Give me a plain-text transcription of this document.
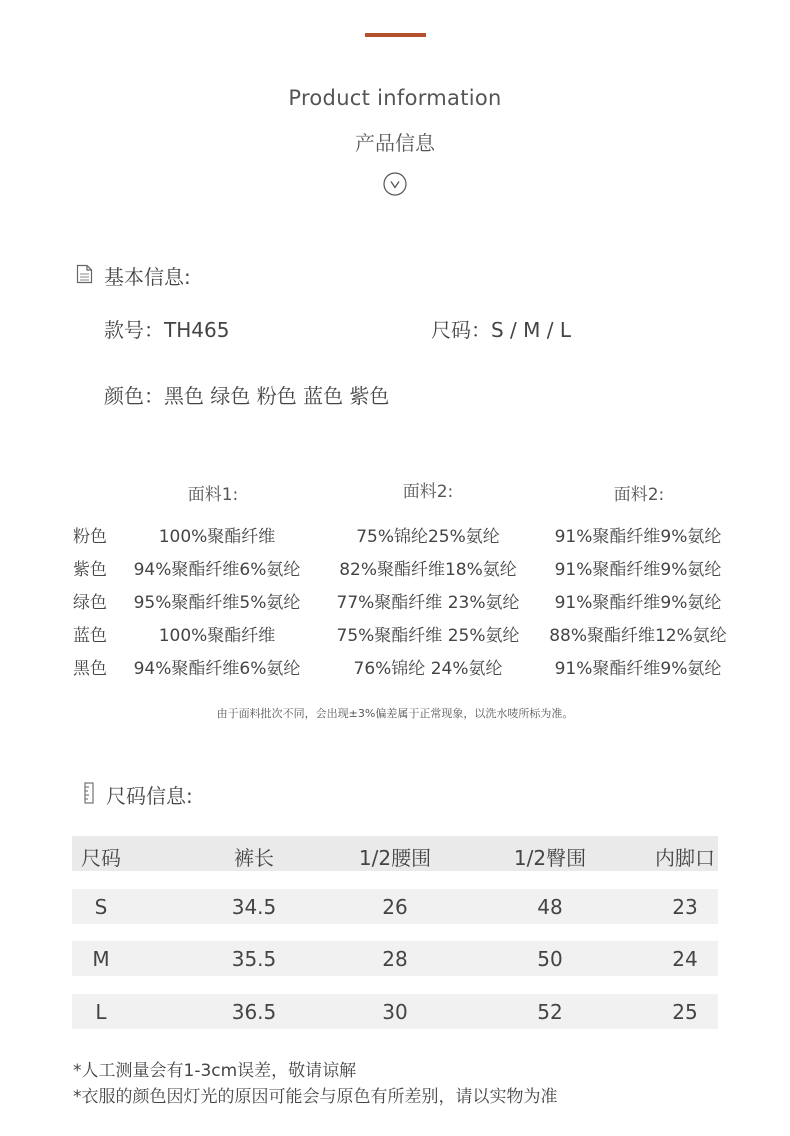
Product information
产品信息
基本信息:
款号：TH465	尺码：S / M / L
颜色：黑色 绿色 粉色 蓝色 紫色
面料1:	面料2:	面料2:
粉色	100%聚酯纤维	75%锦纶25%氨纶	91%聚酯纤维9%氨纶
紫色	94%聚酯纤维6%氨纶	82%聚酯纤维18%氨纶	91%聚酯纤维9%氨纶
绿色	95%聚酯纤维5%氨纶	77%聚酯纤维 23%氨纶	91%聚酯纤维9%氨纶
蓝色	100%聚酯纤维	75%聚酯纤维 25%氨纶	88%聚酯纤维12%氨纶
黑色	94%聚酯纤维6%氨纶	76%锦纶 24%氨纶	91%聚酯纤维9%氨纶
由于面料批次不同，会出现±3%偏差属于正常现象，以洗水唛所标为准。
尺码信息:
尺码	裤长	1/2腰围	1/2臀围	内脚口
S	34.5	26	48	23
M	35.5	28	50	24
L	36.5	30	52	25
*人工测量会有1-3cm误差，敬请谅解
*衣服的颜色因灯光的原因可能会与原色有所差别，请以实物为准
